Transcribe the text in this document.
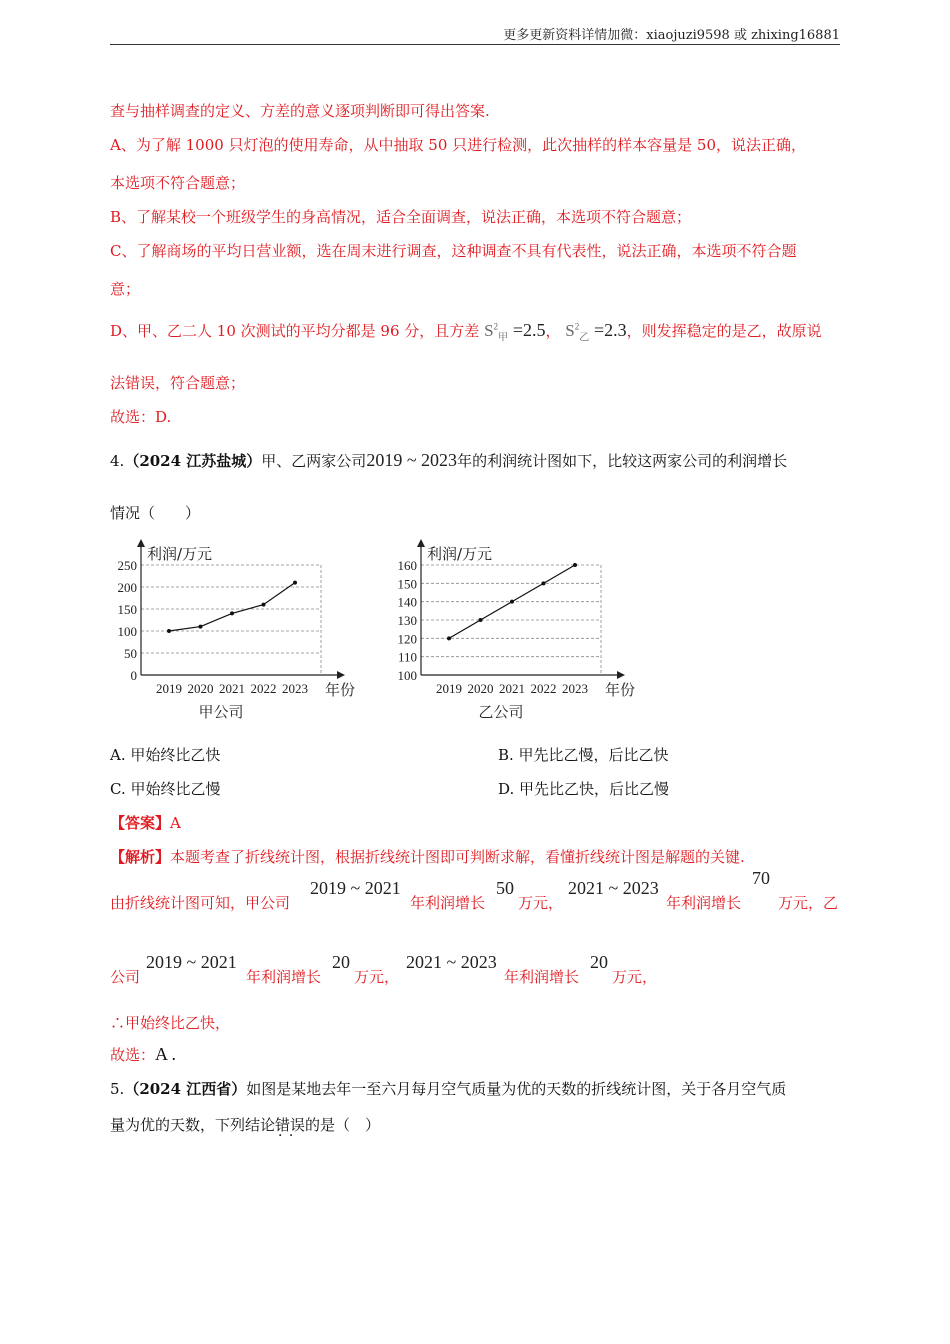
更多更新资料详情加微：xiaojuzi9598 或 zhixing16881
查与抽样调查的定义、方差的意义逐项判断即可得出答案.
A、为了解 1000 只灯泡的使用寿命，从中抽取 50 只进行检测，此次抽样的样本容量是 50，说法正确，
本选项不符合题意；
B、了解某校一个班级学生的身高情况，适合全面调查，说法正确，本选项不符合题意；
C、了解商场的平均日营业额，选在周末进行调查，这种调查不具有代表性，说法正确，本选项不符合题
意；
D、甲、乙二人 10 次测试的平均分都是 96 分，且方差 $S^2_甲 =2.5$， $S^2_乙 =2.3$，则发挥稳定的是乙，故原说
法错误，符合题意；
故选：D.
4.（2024 江苏盐城）甲、乙两家公司2019 ~ 2023年的利润统计图如下，比较这两家公司的利润增长
情况（　　）
0
50
100
150
200
250
利润/万元
年份
2019 2020 2021 2022 2023
甲公司
100
110
120
130
140
150
160
利润/万元
年份
2019 2020 2021 2022 2023
乙公司
A. 甲始终比乙快	B. 甲先比乙慢，后比乙快
C. 甲始终比乙慢	D. 甲先比乙快，后比乙慢
【答案】A
【解析】本题考查了折线统计图，根据折线统计图即可判断求解，看懂折线统计图是解题的关键.
由折线统计图可知，甲公司
2019 ~ 2021
年利润增长
50
万元，
2021 ~ 2023
年利润增长
70
万元，乙
公司
2019 ~ 2021
年利润增长
20
万元，
2021 ~ 2023
年利润增长
20
万元，
∴甲始终比乙快，
故选：A .
5.（2024 江西省）如图是某地去年一至六月每月空气质量为优的天数的折线统计图，关于各月空气质
量为优的天数，下列结论错误 · ·的是（　）
